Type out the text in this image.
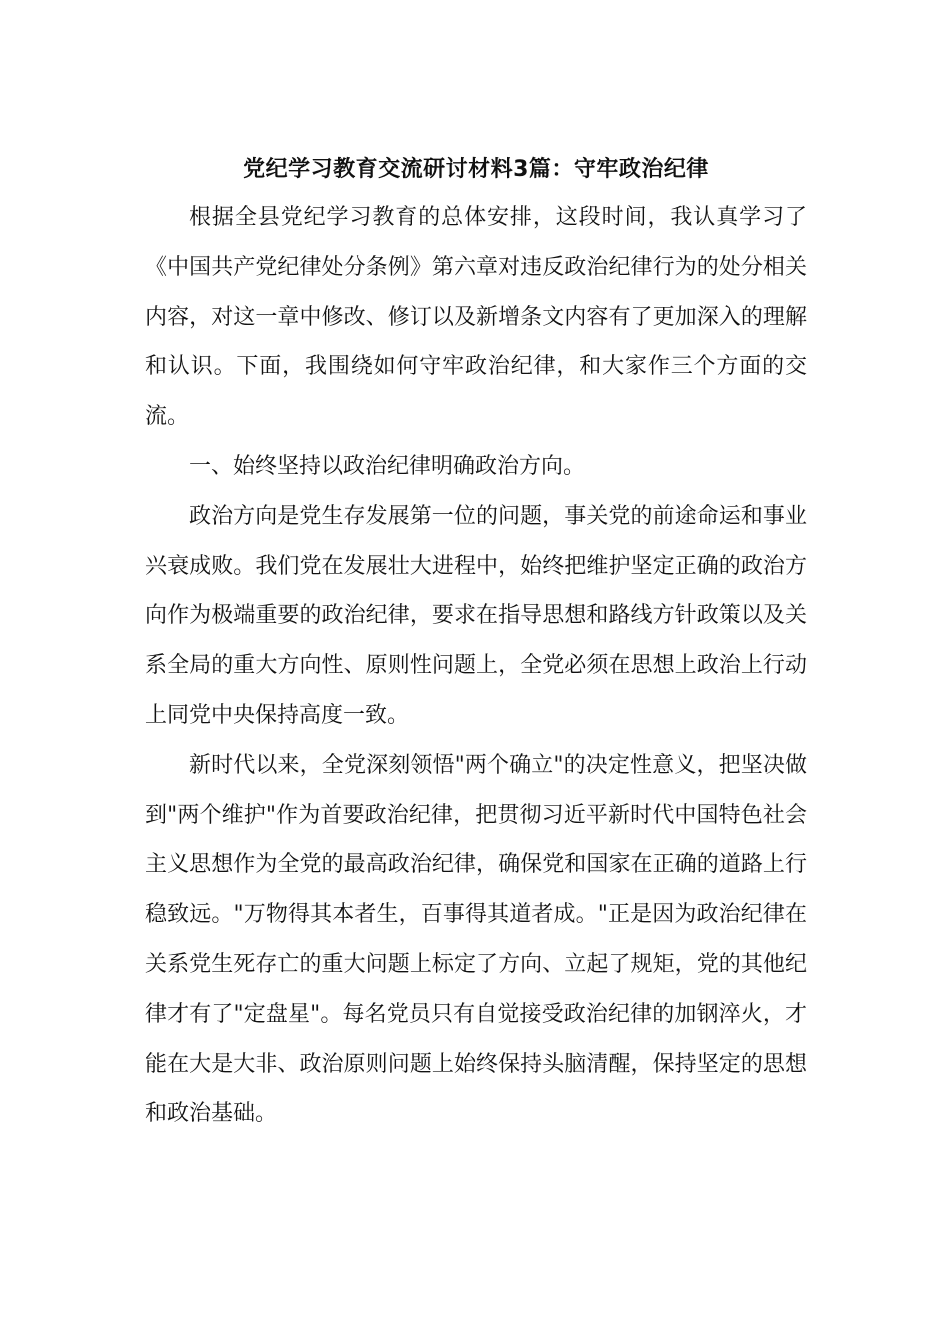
党纪学习教育交流研讨材料3篇：守牢政治纪律

根据全县党纪学习教育的总体安排，这段时间，我认真学习了《中国共产党纪律处分条例》第六章对违反政治纪律行为的处分相关内容，对这一章中修改、修订以及新增条文内容有了更加深入的理解和认识。下面，我围绕如何守牢政治纪律，和大家作三个方面的交流。

一、始终坚持以政治纪律明确政治方向。

政治方向是党生存发展第一位的问题，事关党的前途命运和事业兴衰成败。我们党在发展壮大进程中，始终把维护坚定正确的政治方向作为极端重要的政治纪律，要求在指导思想和路线方针政策以及关系全局的重大方向性、原则性问题上，全党必须在思想上政治上行动上同党中央保持高度一致。

新时代以来，全党深刻领悟"两个确立"的决定性意义，把坚决做到"两个维护"作为首要政治纪律，把贯彻习近平新时代中国特色社会主义思想作为全党的最高政治纪律，确保党和国家在正确的道路上行稳致远。"万物得其本者生，百事得其道者成。"正是因为政治纪律在关系党生死存亡的重大问题上标定了方向、立起了规矩，党的其他纪律才有了"定盘星"。每名党员只有自觉接受政治纪律的加钢淬火，才能在大是大非、政治原则问题上始终保持头脑清醒，保持坚定的思想和政治基础。
